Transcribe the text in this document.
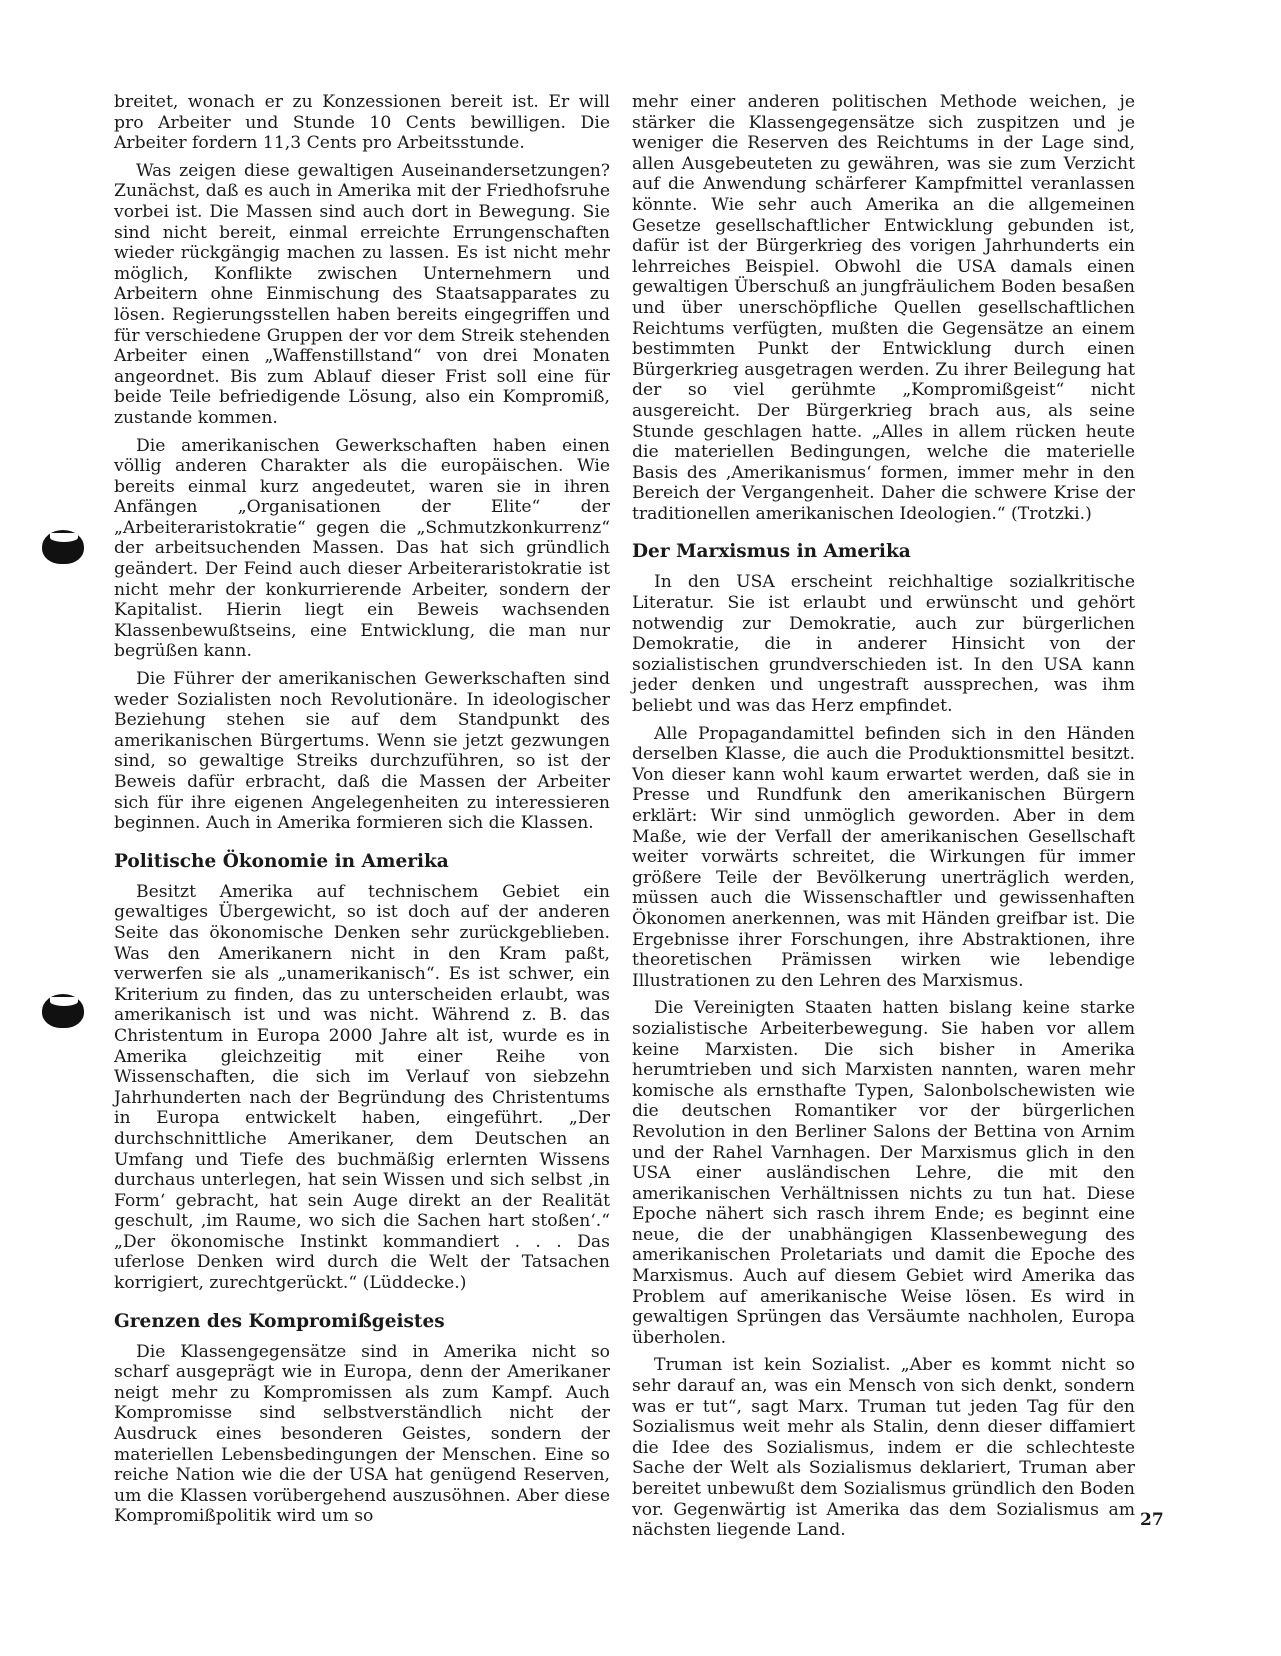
breitet, wonach er zu Konzessionen bereit ist. Er will pro Arbeiter und Stunde 10 Cents bewilligen. Die Arbeiter fordern 11,3 Cents pro Arbeitsstunde.

Was zeigen diese gewaltigen Auseinandersetzungen? Zunächst, daß es auch in Amerika mit der Friedhofsruhe vorbei ist. Die Massen sind auch dort in Bewegung. Sie sind nicht bereit, einmal erreichte Errungenschaften wieder rückgängig machen zu lassen. Es ist nicht mehr möglich, Konflikte zwischen Unternehmern und Arbeitern ohne Einmischung des Staatsapparates zu lösen. Regierungsstellen haben bereits eingegriffen und für verschiedene Gruppen der vor dem Streik stehenden Arbeiter einen „Waffenstillstand“ von drei Monaten angeordnet. Bis zum Ablauf dieser Frist soll eine für beide Teile befriedigende Lösung, also ein Kompromiß, zustande kommen.

Die amerikanischen Gewerkschaften haben einen völlig anderen Charakter als die europäischen. Wie bereits einmal kurz angedeutet, waren sie in ihren Anfängen „Organisationen der Elite“ der „Arbeiteraristokratie“ gegen die „Schmutzkonkurrenz“ der arbeitsuchenden Massen. Das hat sich gründlich geändert. Der Feind auch dieser Arbeiteraristokratie ist nicht mehr der konkurrierende Arbeiter, sondern der Kapitalist. Hierin liegt ein Beweis wachsenden Klassenbewußtseins, eine Entwicklung, die man nur begrüßen kann.

Die Führer der amerikanischen Gewerkschaften sind weder Sozialisten noch Revolutionäre. In ideologischer Beziehung stehen sie auf dem Standpunkt des amerikanischen Bürgertums. Wenn sie jetzt gezwungen sind, so gewaltige Streiks durchzuführen, so ist der Beweis dafür erbracht, daß die Massen der Arbeiter sich für ihre eigenen Angelegenheiten zu interessieren beginnen. Auch in Amerika formieren sich die Klassen.

Politische Ökonomie in Amerika

Besitzt Amerika auf technischem Gebiet ein gewaltiges Übergewicht, so ist doch auf der anderen Seite das ökonomische Denken sehr zurückgeblieben. Was den Amerikanern nicht in den Kram paßt, verwerfen sie als „unamerikanisch“. Es ist schwer, ein Kriterium zu finden, das zu unterscheiden erlaubt, was amerikanisch ist und was nicht. Während z. B. das Christentum in Europa 2000 Jahre alt ist, wurde es in Amerika gleichzeitig mit einer Reihe von Wissenschaften, die sich im Verlauf von siebzehn Jahrhunderten nach der Begründung des Christentums in Europa entwickelt haben, eingeführt. „Der durchschnittliche Amerikaner, dem Deutschen an Umfang und Tiefe des buchmäßig erlernten Wissens durchaus unterlegen, hat sein Wissen und sich selbst ‚in Form‘ gebracht, hat sein Auge direkt an der Realität geschult, ‚im Raume, wo sich die Sachen hart stoßen‘.“ „Der ökonomische Instinkt kommandiert . . . Das uferlose Denken wird durch die Welt der Tatsachen korrigiert, zurechtgerückt.“ (Lüddecke.)

Grenzen des Kompromißgeistes

Die Klassengegensätze sind in Amerika nicht so scharf ausgeprägt wie in Europa, denn der Amerikaner neigt mehr zu Kompromissen als zum Kampf. Auch Kompromisse sind selbstverständlich nicht der Ausdruck eines besonderen Geistes, sondern der materiellen Lebensbedingungen der Menschen. Eine so reiche Nation wie die der USA hat genügend Reserven, um die Klassen vorübergehend auszusöhnen. Aber diese Kompromißpolitik wird um so

mehr einer anderen politischen Methode weichen, je stärker die Klassengegensätze sich zuspitzen und je weniger die Reserven des Reichtums in der Lage sind, allen Ausgebeuteten zu gewähren, was sie zum Verzicht auf die Anwendung schärferer Kampfmittel veranlassen könnte. Wie sehr auch Amerika an die allgemeinen Gesetze gesellschaftlicher Entwicklung gebunden ist, dafür ist der Bürgerkrieg des vorigen Jahrhunderts ein lehrreiches Beispiel. Obwohl die USA damals einen gewaltigen Überschuß an jungfräulichem Boden besaßen und über unerschöpfliche Quellen gesellschaftlichen Reichtums verfügten, mußten die Gegensätze an einem bestimmten Punkt der Entwicklung durch einen Bürgerkrieg ausgetragen werden. Zu ihrer Beilegung hat der so viel gerühmte „Kompromißgeist“ nicht ausgereicht. Der Bürgerkrieg brach aus, als seine Stunde geschlagen hatte. „Alles in allem rücken heute die materiellen Bedingungen, welche die materielle Basis des ‚Amerikanismus‘ formen, immer mehr in den Bereich der Vergangenheit. Daher die schwere Krise der traditionellen amerikanischen Ideologien.“ (Trotzki.)

Der Marxismus in Amerika

In den USA erscheint reichhaltige sozialkritische Literatur. Sie ist erlaubt und erwünscht und gehört notwendig zur Demokratie, auch zur bürgerlichen Demokratie, die in anderer Hinsicht von der sozialistischen grundverschieden ist. In den USA kann jeder denken und ungestraft aussprechen, was ihm beliebt und was das Herz empfindet.

Alle Propagandamittel befinden sich in den Händen derselben Klasse, die auch die Produktionsmittel besitzt. Von dieser kann wohl kaum erwartet werden, daß sie in Presse und Rundfunk den amerikanischen Bürgern erklärt: Wir sind unmöglich geworden. Aber in dem Maße, wie der Verfall der amerikanischen Gesellschaft weiter vorwärts schreitet, die Wirkungen für immer größere Teile der Bevölkerung unerträglich werden, müssen auch die Wissenschaftler und gewissenhaften Ökonomen anerkennen, was mit Händen greifbar ist. Die Ergebnisse ihrer Forschungen, ihre Abstraktionen, ihre theoretischen Prämissen wirken wie lebendige Illustrationen zu den Lehren des Marxismus.

Die Vereinigten Staaten hatten bislang keine starke sozialistische Arbeiterbewegung. Sie haben vor allem keine Marxisten. Die sich bisher in Amerika herumtrieben und sich Marxisten nannten, waren mehr komische als ernsthafte Typen, Salonbolschewisten wie die deutschen Romantiker vor der bürgerlichen Revolution in den Berliner Salons der Bettina von Arnim und der Rahel Varnhagen. Der Marxismus glich in den USA einer ausländischen Lehre, die mit den amerikanischen Verhältnissen nichts zu tun hat. Diese Epoche nähert sich rasch ihrem Ende; es beginnt eine neue, die der unabhängigen Klassenbewegung des amerikanischen Proletariats und damit die Epoche des Marxismus. Auch auf diesem Gebiet wird Amerika das Problem auf amerikanische Weise lösen. Es wird in gewaltigen Sprüngen das Versäumte nachholen, Europa überholen.

Truman ist kein Sozialist. „Aber es kommt nicht so sehr darauf an, was ein Mensch von sich denkt, sondern was er tut“, sagt Marx. Truman tut jeden Tag für den Sozialismus weit mehr als Stalin, denn dieser diffamiert die Idee des Sozialismus, indem er die schlechteste Sache der Welt als Sozialismus deklariert, Truman aber bereitet unbewußt dem Sozialismus gründlich den Boden vor. Gegenwärtig ist Amerika das dem Sozialismus am nächsten liegende Land.

27
